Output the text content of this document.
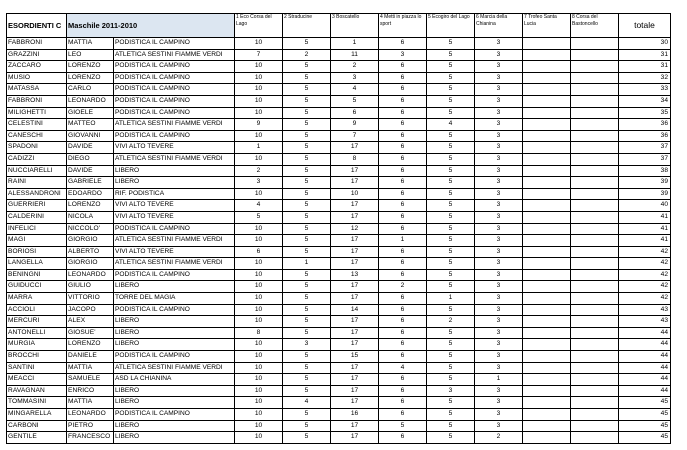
ESORDIENTI C	Maschile 2011-2010		1 Eco Corsa del Lago	2 Straducine	3 Boscatello	4 Metti in piazza lo sport	5 Ecogiro del Lago	6 Marcia della Chianina	7 Trofeo Santa Lucia	8 Corsa del Bastoncello	totale
FABBRONI	MATTIA	PODISTICA IL CAMPINO	10	5	1	6	5	3			30
GRAZZINI	LEO	ATLETICA SESTINI FIAMME VERDI	7	2	11	3	5	3			31
ZACCARO	LORENZO	PODISTICA IL CAMPINO	10	5	2	6	5	3			31
MUSIO	LORENZO	PODISTICA IL CAMPINO	10	5	3	6	5	3			32
MATASSA	CARLO	PODISTICA IL CAMPINO	10	5	4	6	5	3			33
FABBRONI	LEONARDO	PODISTICA IL CAMPINO	10	5	5	6	5	3			34
MILIGHETTI	GIOELE	PODISTICA IL CAMPINO	10	5	6	6	5	3			35
CELESTINI	MATTEO	ATLETICA SESTINI FIAMME VERDI	9	5	9	6	4	3			36
CANESCHI	GIOVANNI	PODISTICA IL CAMPINO	10	5	7	6	5	3			36
SPADONI	DAVIDE	VIVI ALTO TEVERE	1	5	17	6	5	3			37
CADIZZI	DIEGO	ATLETICA SESTINI FIAMME VERDI	10	5	8	6	5	3			37
NUCCIARELLI	DAVIDE	LIBERO	2	5	17	6	5	3			38
RAINI	GABRIELE	LIBERO	3	5	17	6	5	3			39
ALESSANDRONI	EDOARDO	RIF. PODISTICA	10	5	10	6	5	3			39
GUERRIERI	LORENZO	VIVI ALTO TEVERE	4	5	17	6	5	3			40
CALDERINI	NICOLA	VIVI ALTO TEVERE	5	5	17	6	5	3			41
INFELICI	NICCOLO'	PODISTICA IL CAMPINO	10	5	12	6	5	3			41
MAGI	GIORGIO	ATLETICA SESTINI FIAMME VERDI	10	5	17	1	5	3			41
BORIOSI	ALBERTO	VIVI ALTO TEVERE	6	5	17	6	5	3			42
LANGELLA	GIORGIO	ATLETICA SESTINI FIAMME VERDI	10	1	17	6	5	3			42
BENINGNI	LEONARDO	PODISTICA IL CAMPINO	10	5	13	6	5	3			42
GUIDUCCI	GIULIO	LIBERO	10	5	17	2	5	3			42
MARRA	VITTORIO	TORRE DEL MAGIA	10	5	17	6	1	3			42
ACCIOLI	JACOPO	PODISTICA IL CAMPINO	10	5	14	6	5	3			43
MERCURI	ALEX	LIBERO	10	5	17	6	2	3			43
ANTONELLI	GIOSUE'	LIBERO	8	5	17	6	5	3			44
MURGIA	LORENZO	LIBERO	10	3	17	6	5	3			44
BROCCHI	DANIELE	PODISTICA IL CAMPINO	10	5	15	6	5	3			44
SANTINI	MATTIA	ATLETICA SESTINI FIAMME VERDI	10	5	17	4	5	3			44
MEACCI	SAMUELE	ASD LA CHIANINA	10	5	17	6	5	1			44
RAVAGNAN	ENRICO	LIBERO	10	5	17	6	3	3			44
TOMMASINI	MATTIA	LIBERO	10	4	17	6	5	3			45
MINGARELLA	LEONARDO	PODISTICA IL CAMPINO	10	5	16	6	5	3			45
CARBONI	PIETRO	LIBERO	10	5	17	5	5	3			45
GENTILE	FRANCESCO	LIBERO	10	5	17	6	5	2			45
